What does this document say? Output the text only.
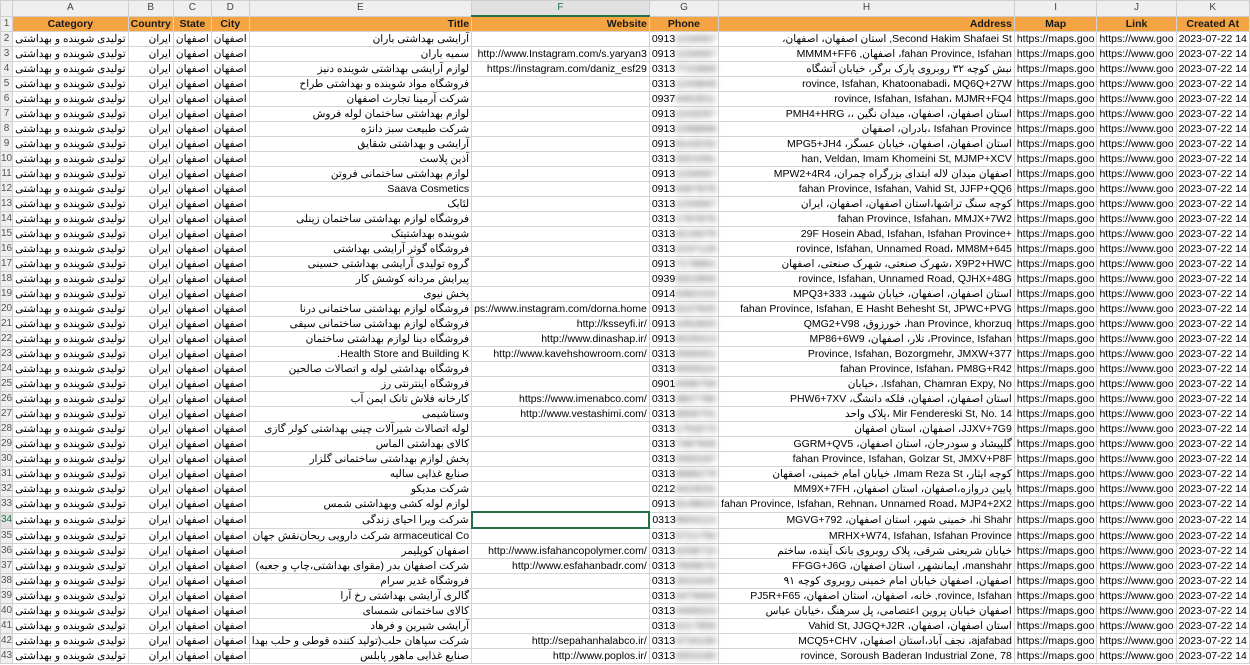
	A	B	C	D	E	F	G	H	I	J	K
1	Category	Country	State	City	Title	Website	Phone	Address	Map	Link	Created At
2	تولیدی شوینده و بهداشتی	ایران	اصفهان	اصفهان	آرایشی بهداشتی باران		09131234567	Second Hakim Shafaei St, استان اصفهان، اصفهان،	https://maps.goo	https://www.goo	2023-07-22 14
3	تولیدی شوینده و بهداشتی	ایران	اصفهان	اصفهان	سمیه باران	http://www.Instagram.com/s.yaryan3	09131234567	fahan Province, Isfahan، اصفهان, MMMM+FF6	https://maps.goo	https://www.goo	2023-07-22 14
4	تولیدی شوینده و بهداشتی	ایران	اصفهان	اصفهان	لوازم آرایشی بهداشتی شوینده دنیز	https://instagram.com/daniz_esf29	03137722869	نبش کوچه ۳۲ روبروی پارک برگر، خیابان آتشگاه	https://maps.goo	https://www.goo	2023-07-22 14
5	تولیدی شوینده و بهداشتی	ایران	اصفهان	اصفهان	فروشگاه مواد شوینده و بهداشتی طراح		03131243849	rovince, Isfahan, Khatoonabadi، MQ6Q+27W	https://maps.goo	https://www.goo	2023-07-22 14
6	تولیدی شوینده و بهداشتی	ایران	اصفهان	اصفهان	شرکت آرمینا تجارت اصفهان		09374462811	rovince, Isfahan, Isfahan، MJMR+FQ4	https://maps.goo	https://www.goo	2023-07-22 14
7	تولیدی شوینده و بهداشتی	ایران	اصفهان	اصفهان	لوازم بهداشتی ساختمان لوله فروش		09131103297	استان اصفهان، اصفهان، میدان نگین ،، PMH4+HRG	https://maps.goo	https://www.goo	2023-07-22 14
8	تولیدی شوینده و بهداشتی	ایران	اصفهان	اصفهان	شرکت طبیعت سبز دانژه		09132288899	Isfahan Province ،بادران، اصفهان	https://maps.goo	https://www.goo	2023-07-22 14
9	تولیدی شوینده و بهداشتی	ایران	اصفهان	اصفهان	آرایشی و بهداشتی شقایق		09139143232	استان اصفهان، اصفهان، خیابان عسگر، MPG5+JH4	https://maps.goo	https://www.goo	2023-07-22 14
10	تولیدی شوینده و بهداشتی	ایران	اصفهان	اصفهان	آذین پلاست		03133321091	han, Veldan, Imam Khomeini St, MJMP+XCV	https://maps.goo	https://www.goo	2023-07-22 14
11	تولیدی شوینده و بهداشتی	ایران	اصفهان	اصفهان	لوازم بهداشتی ساختمانی فروتن		09131234567	اصفهان میدان لاله ابتدای بزرگراه چمران، MPW2+4R4	https://maps.goo	https://www.goo	2023-07-22 14
12	تولیدی شوینده و بهداشتی	ایران	اصفهان	اصفهان	Saava Cosmetics		09134467878	fahan Province, Isfahan, Vahid St, JJFP+QQ6	https://maps.goo	https://www.goo	2023-07-22 14
13	تولیدی شوینده و بهداشتی	ایران	اصفهان	اصفهان	لئابک		03131234567	کوچه سنگ تراشها،استان اصفهان، اصفهان، ایران	https://maps.goo	https://www.goo	2023-07-22 14
14	تولیدی شوینده و بهداشتی	ایران	اصفهان	اصفهان	فروشگاه لوازم بهداشتی ساختمان زینلی		03131787876	fahan Province, Isfahan، MMJX+7W2	https://maps.goo	https://www.goo	2023-07-22 14
15	تولیدی شوینده و بهداشتی	ایران	اصفهان	اصفهان	شوینده بهداشتیتک		03134216079	+29F Hosein Abad, Isfahan, Isfahan Province	https://maps.goo	https://www.goo	2023-07-22 14
16	تولیدی شوینده و بهداشتی	ایران	اصفهان	اصفهان	فروشگاه گوثر آرایشی بهداشتی		03132237129	rovince, Isfahan, Unnamed Road، MM8M+645	https://maps.goo	https://www.goo	2023-07-22 14
17	تولیدی شوینده و بهداشتی	ایران	اصفهان	اصفهان	گروه تولیدی آرایشی بهداشتی حسینی		09137178961	X9P2+HWC ،شهرک صنعتی، شهرک صنعتی، اصفهان	https://maps.goo	https://www.goo	2023-07-22 14
18	تولیدی شوینده و بهداشتی	ایران	اصفهان	اصفهان	پیرایش مردانه کوشش کار		09393322856	rovince, Isfahan, Unnamed Road, QJHX+48G	https://maps.goo	https://www.goo	2023-07-22 14
19	تولیدی شوینده و بهداشتی	ایران	اصفهان	اصفهان	پخش نیوی		09146362153	استان اصفهان، اصفهان، خیابان شهید، MPQ3+333	https://maps.goo	https://www.goo	2023-07-22 14
20	تولیدی شوینده و بهداشتی	ایران	اصفهان	اصفهان	فروشگاه لوازم بهداشتی ساختمانی درنا	ps://www.instagram.com/dorna.home	09133107825	fahan Province, Isfahan, E Hasht Behesht St, JPWC+PVG	https://maps.goo	https://www.goo	2023-07-22 14
21	تولیدی شوینده و بهداشتی	ایران	اصفهان	اصفهان	فروشگاه لوازم بهداشتی ساختمانی سیفی	http://ksseyfi.ir/	09131052820	han Province, khorzuq، خورزوق، QMG2+V98	https://maps.goo	https://www.goo	2023-07-22 14
22	تولیدی شوینده و بهداشتی	ایران	اصفهان	اصفهان	فروشگاه دینا لوازم بهداشتی ساختمان	http://www.dinashap.ir/	09134025013	Province, Isfahan، تلار، اصفهان، MP86+6W9	https://maps.goo	https://www.goo	2023-07-22 14
23	تولیدی شوینده و بهداشتی	ایران	اصفهان	اصفهان	Health Store and Building K.	http://www.kavehshowroom.com/	03132666451	Province, Isfahan, Bozorgmehr, JMXW+377	https://maps.goo	https://www.goo	2023-07-22 14
24	تولیدی شوینده و بهداشتی	ایران	اصفهان	اصفهان	فروشگاه بهداشتی لوله و اتصالات صالحین		03134555524	fahan Province, Isfahan، PM8G+R42	https://maps.goo	https://www.goo	2023-07-22 14
25	تولیدی شوینده و بهداشتی	ایران	اصفهان	اصفهان	فروشگاه اینترنتی رز		09010496759	Isfahan, Chamran Expy, No. ،خیابان	https://maps.goo	https://www.goo	2023-07-22 14
26	تولیدی شوینده و بهداشتی	ایران	اصفهان	اصفهان	کارخانه فلاش تانک ایمن آب	https://www.imenabco.com/	03133807780	استان اصفهان، اصفهان، فلکه دانشگ، PHW6+7XV	https://maps.goo	https://www.goo	2023-07-22 14
27	تولیدی شوینده و بهداشتی	ایران	اصفهان	اصفهان	وستاشیمی	http://www.vestashimi.com/	03134656701	Mir Fendereski St, No. 14 ،پلاک واحد	https://maps.goo	https://www.goo	2023-07-22 14
28	تولیدی شوینده و بهداشتی	ایران	اصفهان	اصفهان	لوله اتصالات شیرآلات چینی بهداشتی کولر گازی		03131763273	JJXV+7G9، اصفهان، استان اصفهان	https://maps.goo	https://www.goo	2023-07-22 14
29	تولیدی شوینده و بهداشتی	ایران	اصفهان	اصفهان	کالای بهداشتی الماس		03137487606	گلپیشاد و سودرجان، استان اصفهان، GGRM+QV5	https://maps.goo	https://www.goo	2023-07-22 14
30	تولیدی شوینده و بهداشتی	ایران	اصفهان	اصفهان	پخش لوازم بهداشتی ساختمانی گلزار		03132650187	fahan Province, Isfahan, Golzar St, JMXV+P8F	https://maps.goo	https://www.goo	2023-07-22 14
31	تولیدی شوینده و بهداشتی	ایران	اصفهان	اصفهان	صنایع غذایی سالیه		03133686279	کوچه ایثار، Imam Reza St، خیابان امام خمینی، اصفهان	https://maps.goo	https://www.goo	2023-07-22 14
32	تولیدی شوینده و بهداشتی	ایران	اصفهان	اصفهان	شرکت مدیکو		02124424031	پایین دروازه،اصفهان، استان اصفهان، MM9X+7FH	https://maps.goo	https://www.goo	2023-07-22 14
33	تولیدی شوینده و بهداشتی	ایران	اصفهان	اصفهان	لوازم لوله کشی وبهداشتی شمس		09133148620	fahan Province, Isfahan, Rehnan، Unnamed Road، MJP4+2X2	https://maps.goo	https://www.goo	2023-07-22 14
34	تولیدی شوینده و بهداشتی	ایران	اصفهان	اصفهان	شرکت ویرا احیای زندگی		03139604113	hi Shahr، خمینی شهر، استان اصفهان، MGVG+792	https://maps.goo	https://www.goo	2023-07-22 14
35	تولیدی شوینده و بهداشتی	ایران	اصفهان	اصفهان	armaceutical Co شرکت دارویی ریحان‌نقش جهان		03135721750	MRHX+W74, Isfahan, Isfahan Province	https://maps.goo	https://www.goo	2023-07-22 14
36	تولیدی شوینده و بهداشتی	ایران	اصفهان	اصفهان	اصفهان کوپلیمر	http://www.isfahancopolymer.com/	03134258710	خیابان شریعتی شرقی، پلاک روبروی بانک آینده، ساختم	https://maps.goo	https://www.goo	2023-07-22 14
37	تولیدی شوینده و بهداشتی	ایران	اصفهان	اصفهان	شرکت اصفهان بدر (مقوای بهداشتی،چاپ و جعبه)	http://www.esfahanbadr.com/	03137609076	manshahr، ایمانشهر، استان اصفهان، FFGG+J6G	https://maps.goo	https://www.goo	2023-07-22 14
38	تولیدی شوینده و بهداشتی	ایران	اصفهان	اصفهان	فروشگاه غدیر سرام		03133315445	اصفهان، اصفهان خیابان امام خمینی روبروی کوچه ۹۱	https://maps.goo	https://www.goo	2023-07-22 14
39	تولیدی شوینده و بهداشتی	ایران	اصفهان	اصفهان	گالری آرایشی بهداشتی رخ آرا		03134479494	rovince, Isfahan, خانه، اصفهان، استان اصفهان، PJ5R+F65	https://maps.goo	https://www.goo	2023-07-22 14
40	تولیدی شوینده و بهداشتی	ایران	اصفهان	اصفهان	کالای ساختمانی شمسای		03134469323	اصفهان خیابان پروین اعتصامی، پل سرهنگ ،خیابان عباس	https://maps.goo	https://www.goo	2023-07-22 14
41	تولیدی شوینده و بهداشتی	ایران	اصفهان	اصفهان	آرایشی شیرین و فرهاد		03132217856	استان اصفهان، اصفهان، Vahid St, JJGQ+J2R	https://maps.goo	https://www.goo	2023-07-22 14
42	تولیدی شوینده و بهداشتی	ایران	اصفهان	اصفهان	شرکت سپاهان حلب(تولید کننده قوطی و حلب بهدا	http://sepahanhalabco.ir/	03133726190	ajafabad، نجف آباد،استان اصفهان، MCQ5+CHV	https://maps.goo	https://www.goo	2023-07-22 14
43	تولیدی شوینده و بهداشتی	ایران	اصفهان	اصفهان	صنایع غذایی ماهور پابلس	http://www.poplos.ir/	03134553180	rovince, Soroush Baderan Industrial Zone, 78	https://maps.goo	https://www.goo	2023-07-22 14
